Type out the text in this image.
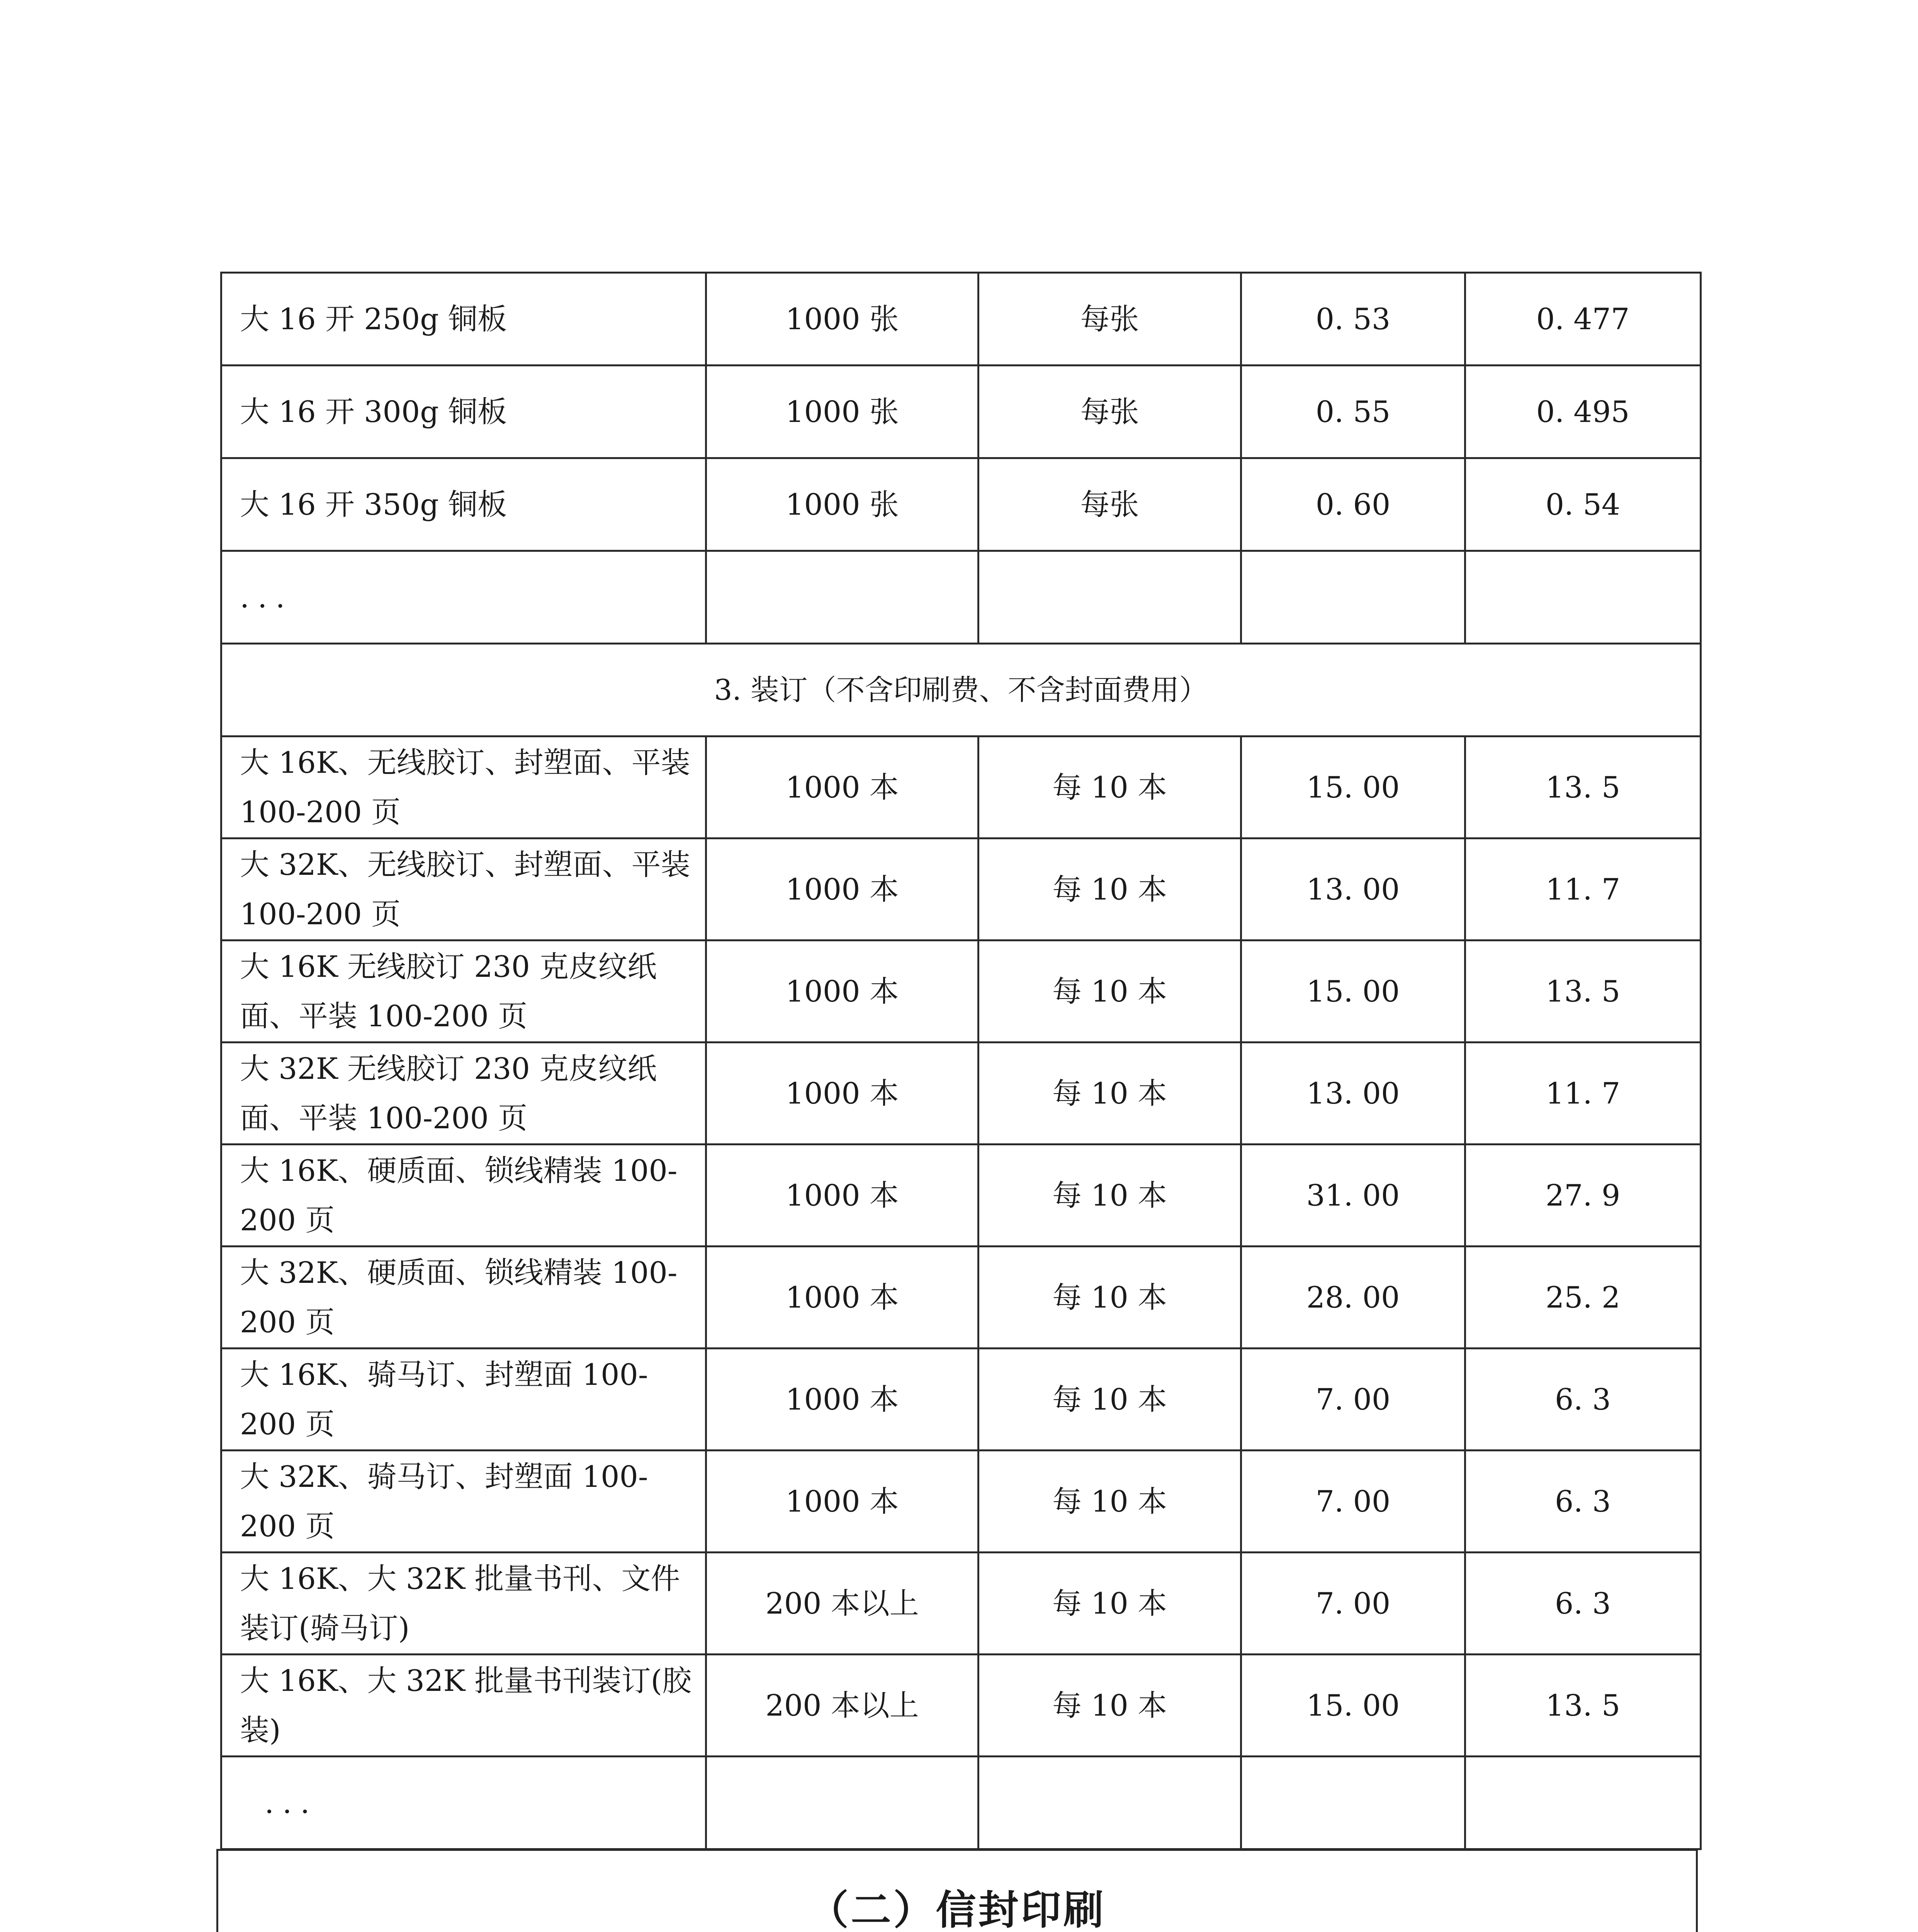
大 16 开 250g 铜板	1000 张	每张	0. 53	0. 477
大 16 开 300g 铜板	1000 张	每张	0. 55	0. 495
大 16 开 350g 铜板	1000 张	每张	0. 60	0. 54
...				
3. 装订（不含印刷费、不含封面费用）				
大 16K、无线胶订、封塑面、平装 100-200 页	1000 本	每 10 本	15. 00	13. 5
大 32K、无线胶订、封塑面、平装 100-200 页	1000 本	每 10 本	13. 00	11. 7
大 16K 无线胶订 230 克皮纹纸面、平装 100-200 页	1000 本	每 10 本	15. 00	13. 5
大 32K 无线胶订 230 克皮纹纸面、平装 100-200 页	1000 本	每 10 本	13. 00	11. 7
大 16K、硬质面、锁线精装 100-200 页	1000 本	每 10 本	31. 00	27. 9
大 32K、硬质面、锁线精装 100-200 页	1000 本	每 10 本	28. 00	25. 2
大 16K、骑马订、封塑面 100-200 页	1000 本	每 10 本	7. 00	6. 3
大 32K、骑马订、封塑面 100-200 页	1000 本	每 10 本	7. 00	6. 3
大 16K、大 32K 批量书刊、文件装订(骑马订)	200 本以上	每 10 本	7. 00	6. 3
大 16K、大 32K 批量书刊装订(胶装)	200 本以上	每 10 本	15. 00	13. 5
...				
（二）信封印刷				
